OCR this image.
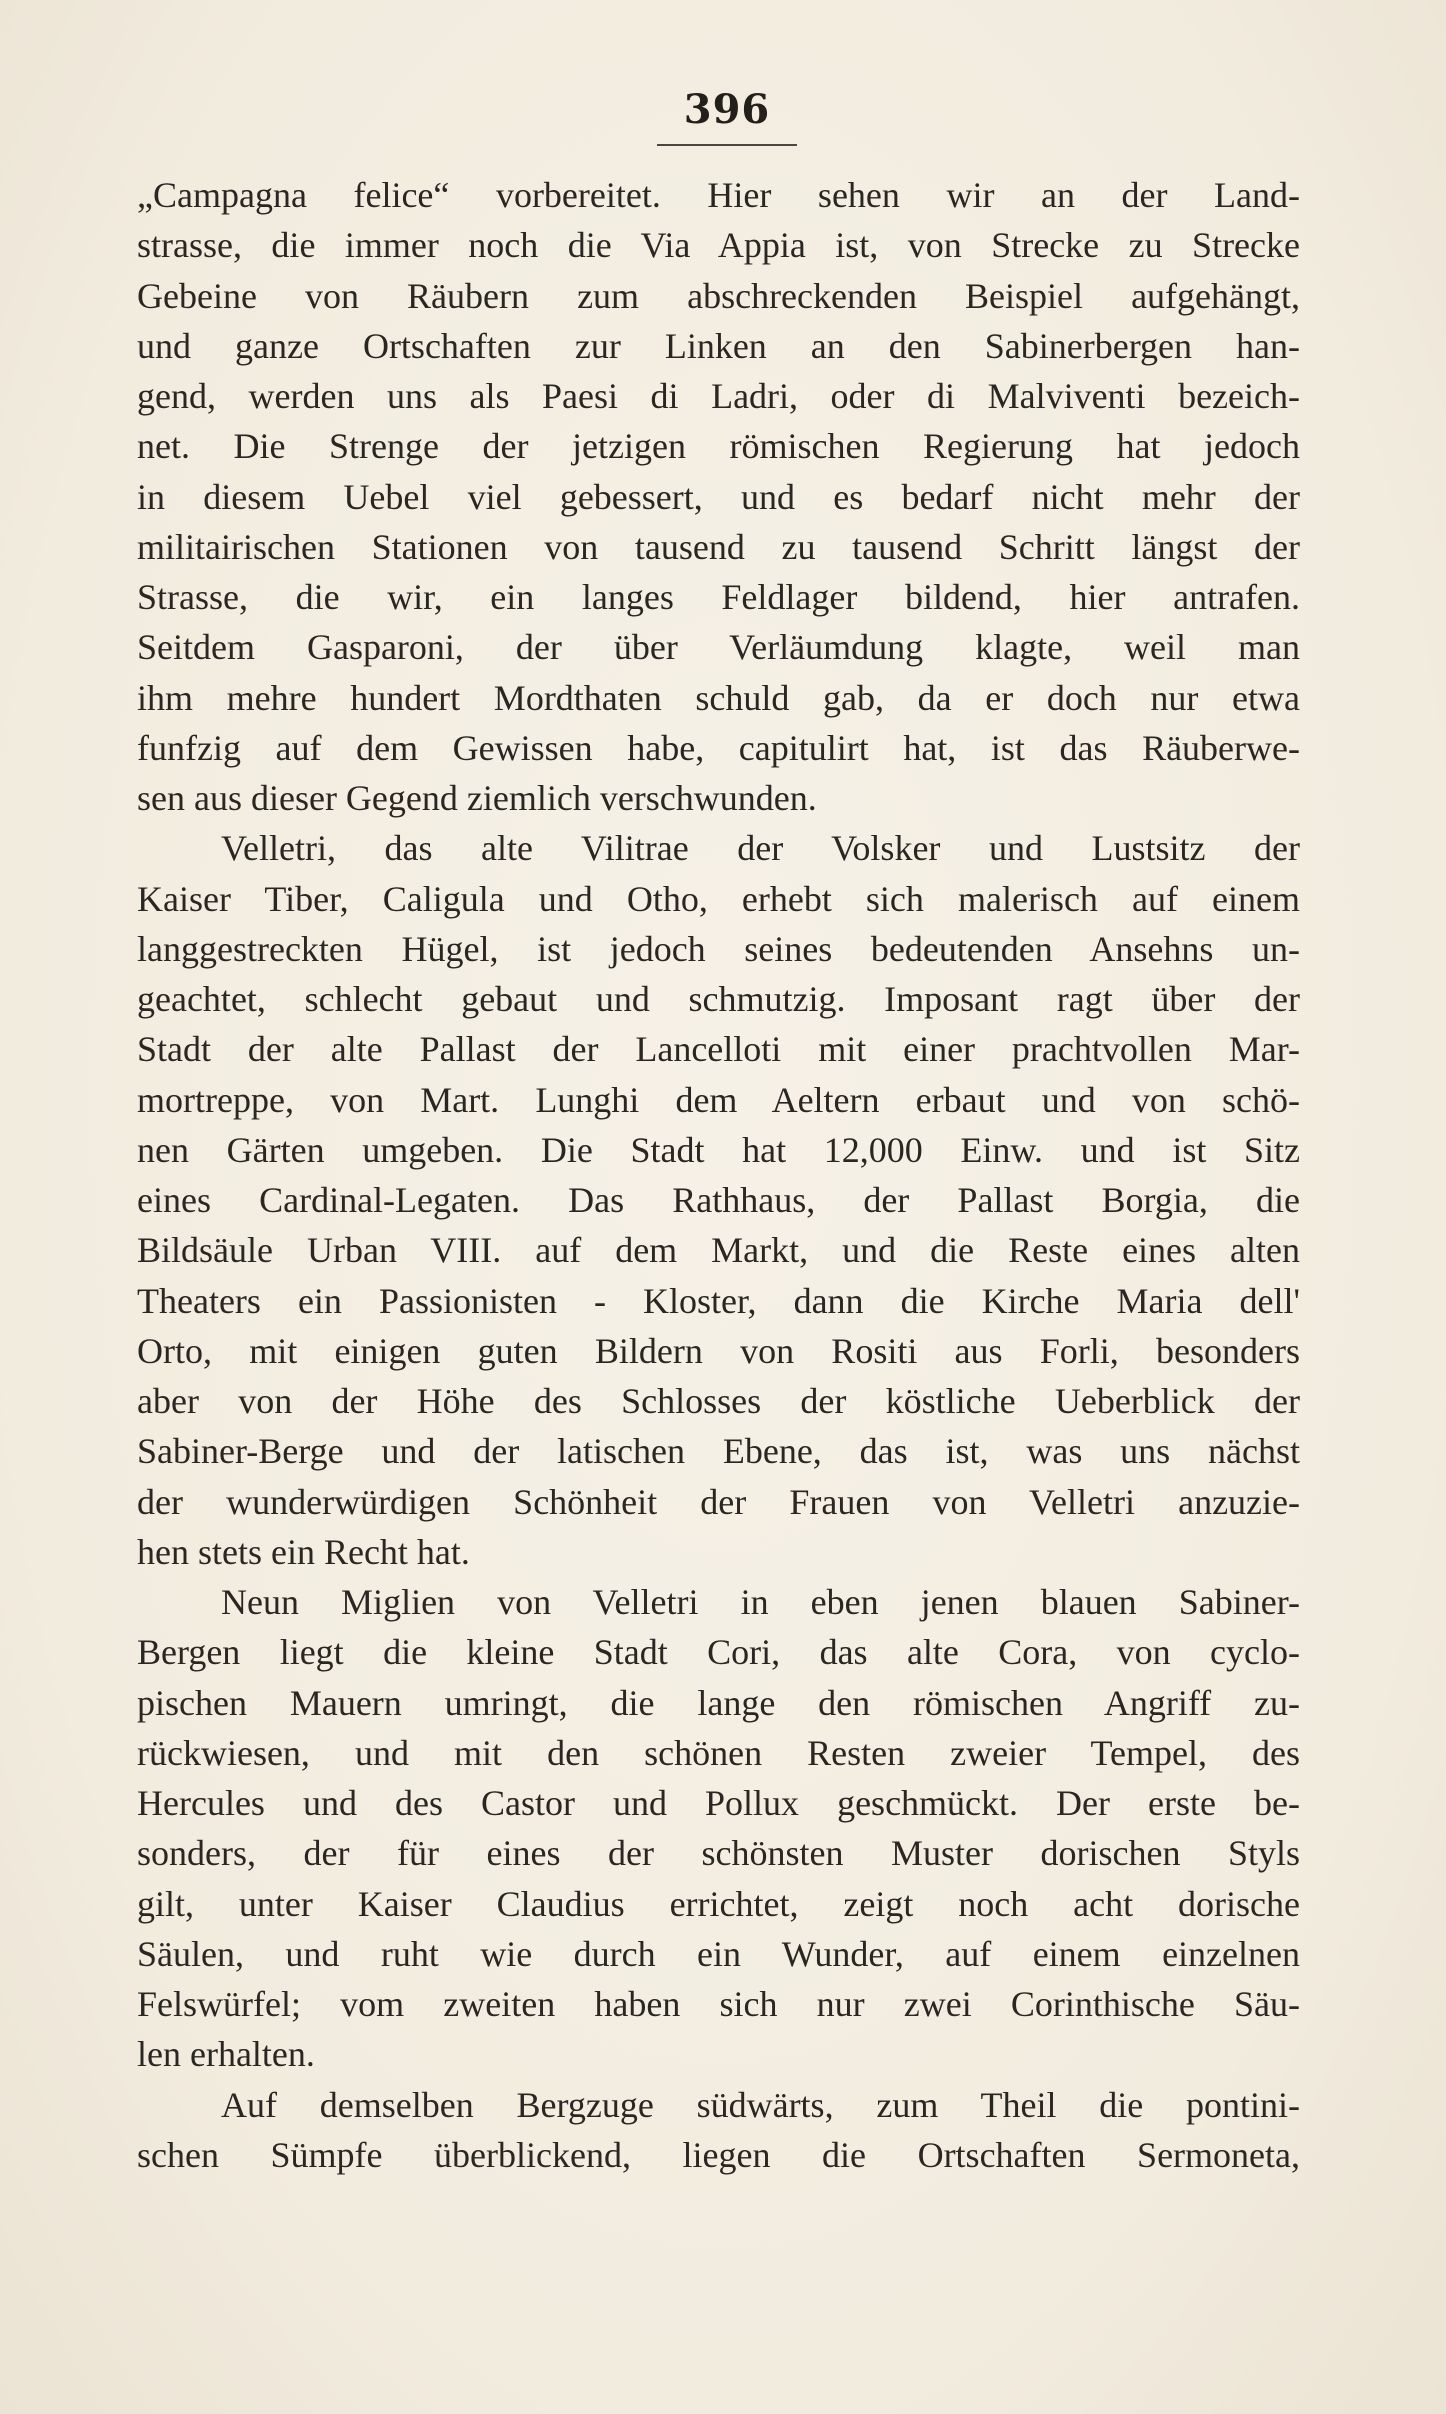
396
„Campagna felice“ vorbereitet. Hier sehen wir an der Land-
strasse, die immer noch die Via Appia ist, von Strecke zu Strecke
Gebeine von Räubern zum abschreckenden Beispiel aufgehängt,
und ganze Ortschaften zur Linken an den Sabinerbergen han-
gend, werden uns als Paesi di Ladri, oder di Malviventi bezeich-
net. Die Strenge der jetzigen römischen Regierung hat jedoch
in diesem Uebel viel gebessert, und es bedarf nicht mehr der
militairischen Stationen von tausend zu tausend Schritt längst der
Strasse, die wir, ein langes Feldlager bildend, hier antrafen.
Seitdem Gasparoni, der über Verläumdung klagte, weil man
ihm mehre hundert Mordthaten schuld gab, da er doch nur etwa
funfzig auf dem Gewissen habe, capitulirt hat, ist das Räuberwe-
sen aus dieser Gegend ziemlich verschwunden.
Velletri, das alte Vilitrae der Volsker und Lustsitz der
Kaiser Tiber, Caligula und Otho, erhebt sich malerisch auf einem
langgestreckten Hügel, ist jedoch seines bedeutenden Ansehns un-
geachtet, schlecht gebaut und schmutzig. Imposant ragt über der
Stadt der alte Pallast der Lancelloti mit einer prachtvollen Mar-
mortreppe, von Mart. Lunghi dem Aeltern erbaut und von schö-
nen Gärten umgeben. Die Stadt hat 12,000 Einw. und ist Sitz
eines Cardinal-Legaten. Das Rathhaus, der Pallast Borgia, die
Bildsäule Urban VIII. auf dem Markt, und die Reste eines alten
Theaters ein Passionisten - Kloster, dann die Kirche Maria dell'
Orto, mit einigen guten Bildern von Rositi aus Forli, besonders
aber von der Höhe des Schlosses der köstliche Ueberblick der
Sabiner-Berge und der latischen Ebene, das ist, was uns nächst
der wunderwürdigen Schönheit der Frauen von Velletri anzuzie-
hen stets ein Recht hat.
Neun Miglien von Velletri in eben jenen blauen Sabiner-
Bergen liegt die kleine Stadt Cori, das alte Cora, von cyclo-
pischen Mauern umringt, die lange den römischen Angriff zu-
rückwiesen, und mit den schönen Resten zweier Tempel, des
Hercules und des Castor und Pollux geschmückt. Der erste be-
sonders, der für eines der schönsten Muster dorischen Styls
gilt, unter Kaiser Claudius errichtet, zeigt noch acht dorische
Säulen, und ruht wie durch ein Wunder, auf einem einzelnen
Felswürfel; vom zweiten haben sich nur zwei Corinthische Säu-
len erhalten.
Auf demselben Bergzuge südwärts, zum Theil die pontini-
schen Sümpfe überblickend, liegen die Ortschaften Sermoneta,
